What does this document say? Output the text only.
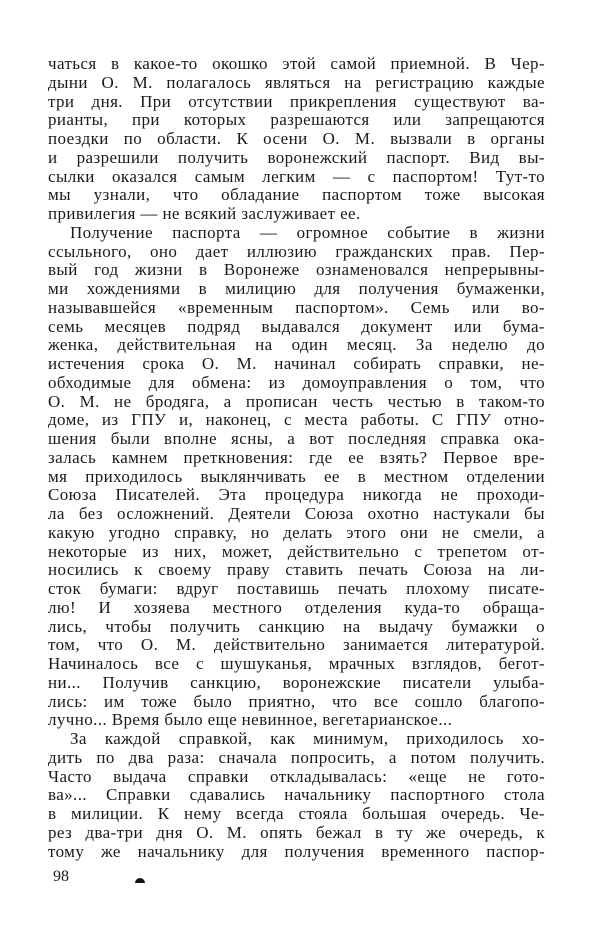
чаться в какое-то окошко этой самой приемной. В Чер-
дыни О. М. полагалось являться на регистрацию каждые
три дня. При отсутствии прикрепления существуют ва-
рианты, при которых разрешаются или запрещаются
поездки по области. К осени О. М. вызвали в органы
и разрешили получить воронежский паспорт. Вид вы-
сылки оказался самым легким — с паспортом! Тут-то
мы узнали, что обладание паспортом тоже высокая
привилегия — не всякий заслуживает ее.
Получение паспорта — огромное событие в жизни
ссыльного, оно дает иллюзию гражданских прав. Пер-
вый год жизни в Воронеже ознаменовался непрерывны-
ми хождениями в милицию для получения бумаженки,
называвшейся «временным паспортом». Семь или во-
семь месяцев подряд выдавался документ или бума-
женка, действительная на один месяц. За неделю до
истечения срока О. М. начинал собирать справки, не-
обходимые для обмена: из домоуправления о том, что
О. М. не бродяга, а прописан честь честью в таком-то
доме, из ГПУ и, наконец, с места работы. С ГПУ отно-
шения были вполне ясны, а вот последняя справка ока-
залась камнем преткновения: где ее взять? Первое вре-
мя приходилось выклянчивать ее в местном отделении
Союза Писателей. Эта процедура никогда не проходи-
ла без осложнений. Деятели Союза охотно настукали бы
какую угодно справку, но делать этого они не смели, а
некоторые из них, может, действительно с трепетом от-
носились к своему праву ставить печать Союза на ли-
сток бумаги: вдруг поставишь печать плохому писате-
лю! И хозяева местного отделения куда-то обраща-
лись, чтобы получить санкцию на выдачу бумажки о
том, что О. М. действительно занимается литературой.
Начиналось все с шушуканья, мрачных взглядов, бегот-
ни... Получив санкцию, воронежские писатели улыба-
лись: им тоже было приятно, что все сошло благопо-
лучно... Время было еще невинное, вегетарианское...
За каждой справкой, как минимум, приходилось хо-
дить по два раза: сначала попросить, а потом получить.
Часто выдача справки откладывалась: «еще не гото-
ва»... Справки сдавались начальнику паспортного стола
в милиции. К нему всегда стояла большая очередь. Че-
рез два-три дня О. М. опять бежал в ту же очередь, к
тому же начальнику для получения временного паспор-
98
